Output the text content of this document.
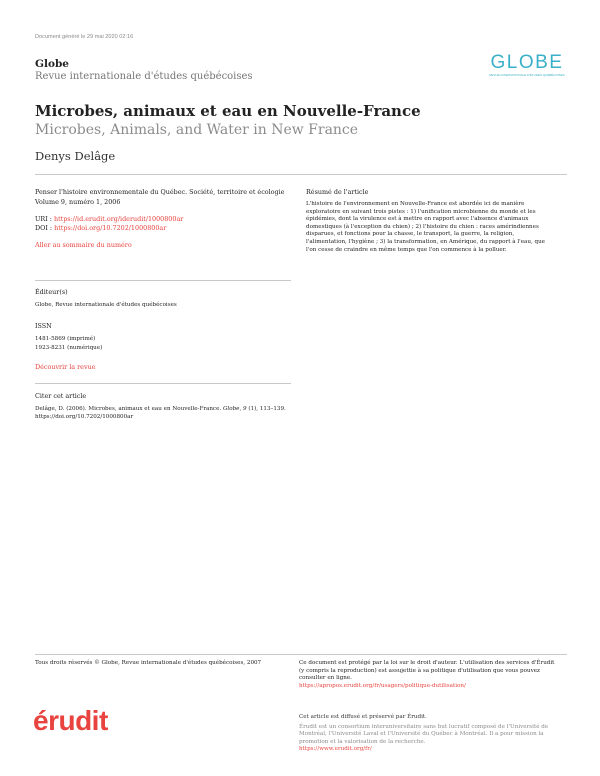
Document généré le 29 mai 2020 02:16
Globe
Revue internationale d'études québécoises
GLOBE
REVUE INTERNATIONALE D'ÉTUDES QUÉBÉCOISES
Microbes, animaux et eau en Nouvelle-France
Microbes, Animals, and Water in New France
Denys Delâge
Penser l'histoire environnementale du Québec. Société, territoire et écologie
Volume 9, numéro 1, 2006
URI : https://id.erudit.org/iderudit/1000800ar
DOI : https://doi.org/10.7202/1000800ar
Aller au sommaire du numéro
Éditeur(s)
Globe, Revue internationale d'études québécoises
ISSN
1481-5869 (imprimé)
1923-8231 (numérique)
Découvrir la revue
Citer cet article
Delâge, D. (2006). Microbes, animaux et eau en Nouvelle-France. Globe, 9 (1), 113–139. https://doi.org/10.7202/1000800ar
Résumé de l'article
L'histoire de l'environnement en Nouvelle-France est abordée ici de manière exploratoire en suivant trois pistes : 1) l'unification microbienne du monde et les épidémies, dont la virulence est à mettre en rapport avec l'absence d'animaux domestiques (à l'exception du chien) ; 2) l'histoire du chien : races amérindiennes disparues, et fonctions pour la chasse, le transport, la guerre, la religion, l'alimentation, l'hygiène ; 3) la transformation, en Amérique, du rapport à l'eau, que l'on cesse de craindre en même temps que l'on commence à la polluer.
Tous droits réservés © Globe, Revue internationale d'études québécoises, 2007	Ce document est protégé par la loi sur le droit d'auteur. L'utilisation des services d'Érudit (y compris la reproduction) est assujettie à sa politique d'utilisation que vous pouvez consulter en ligne.
https://apropos.erudit.org/fr/usagers/politique-dutilisation/
érudit	Cet article est diffusé et préservé par Érudit.
Érudit est un consortium interuniversitaire sans but lucratif composé de l'Université de Montréal, l'Université Laval et l'Université du Québec à Montréal. Il a pour mission la promotion et la valorisation de la recherche.
https://www.erudit.org/fr/
